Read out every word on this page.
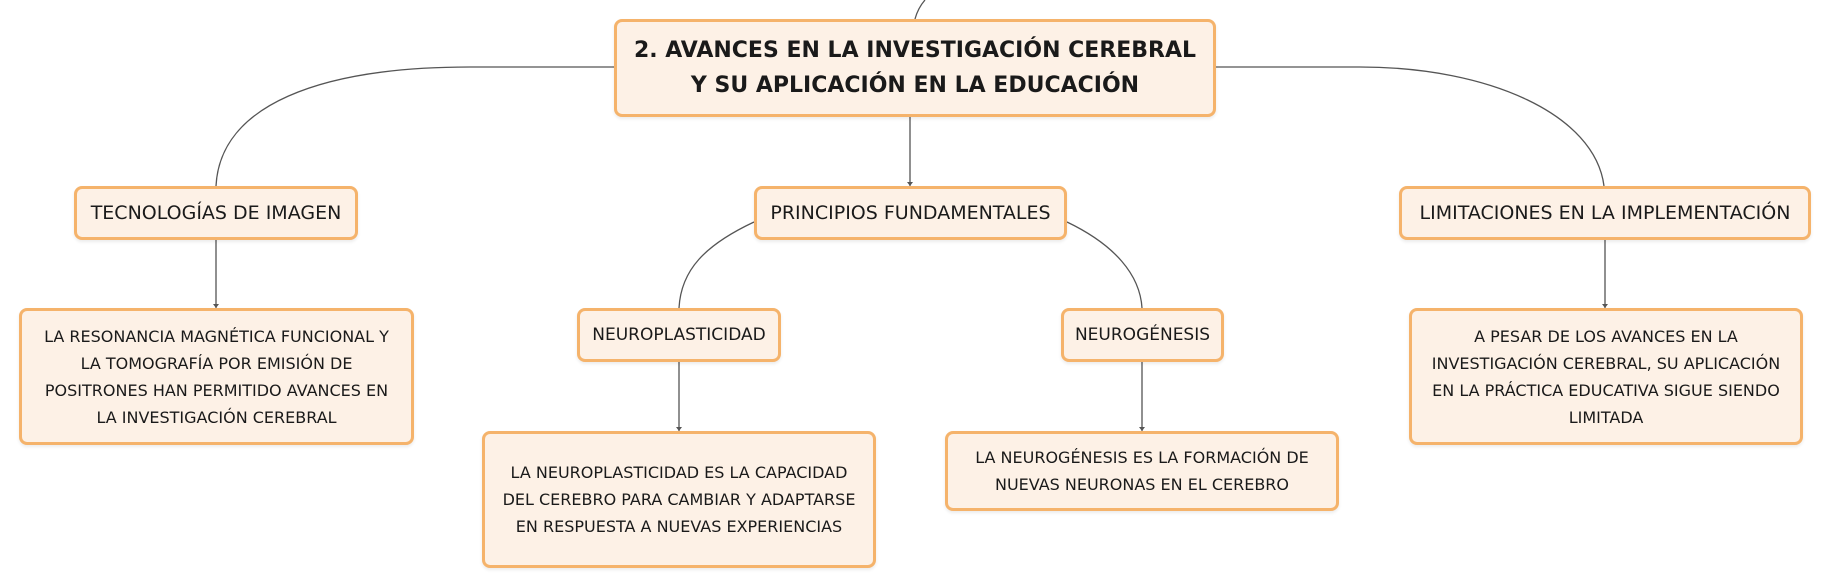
2. AVANCES EN LA INVESTIGACIÓN CEREBRAL Y SU APLICACIÓN EN LA EDUCACIÓN
TECNOLOGÍAS DE IMAGEN	PRINCIPIOS FUNDAMENTALES	LIMITACIONES EN LA IMPLEMENTACIÓN
NEUROPLASTICIDAD	NEUROGÉNESIS
LA RESONANCIA MAGNÉTICA FUNCIONAL Y LA TOMOGRAFÍA POR EMISIÓN DE POSITRONES HAN PERMITIDO AVANCES EN LA INVESTIGACIÓN CEREBRAL
A PESAR DE LOS AVANCES EN LA INVESTIGACIÓN CEREBRAL, SU APLICACIÓN EN LA PRÁCTICA EDUCATIVA SIGUE SIENDO LIMITADA
LA NEUROPLASTICIDAD ES LA CAPACIDAD DEL CEREBRO PARA CAMBIAR Y ADAPTARSE EN RESPUESTA A NUEVAS EXPERIENCIAS
LA NEUROGÉNESIS ES LA FORMACIÓN DE NUEVAS NEURONAS EN EL CEREBRO
